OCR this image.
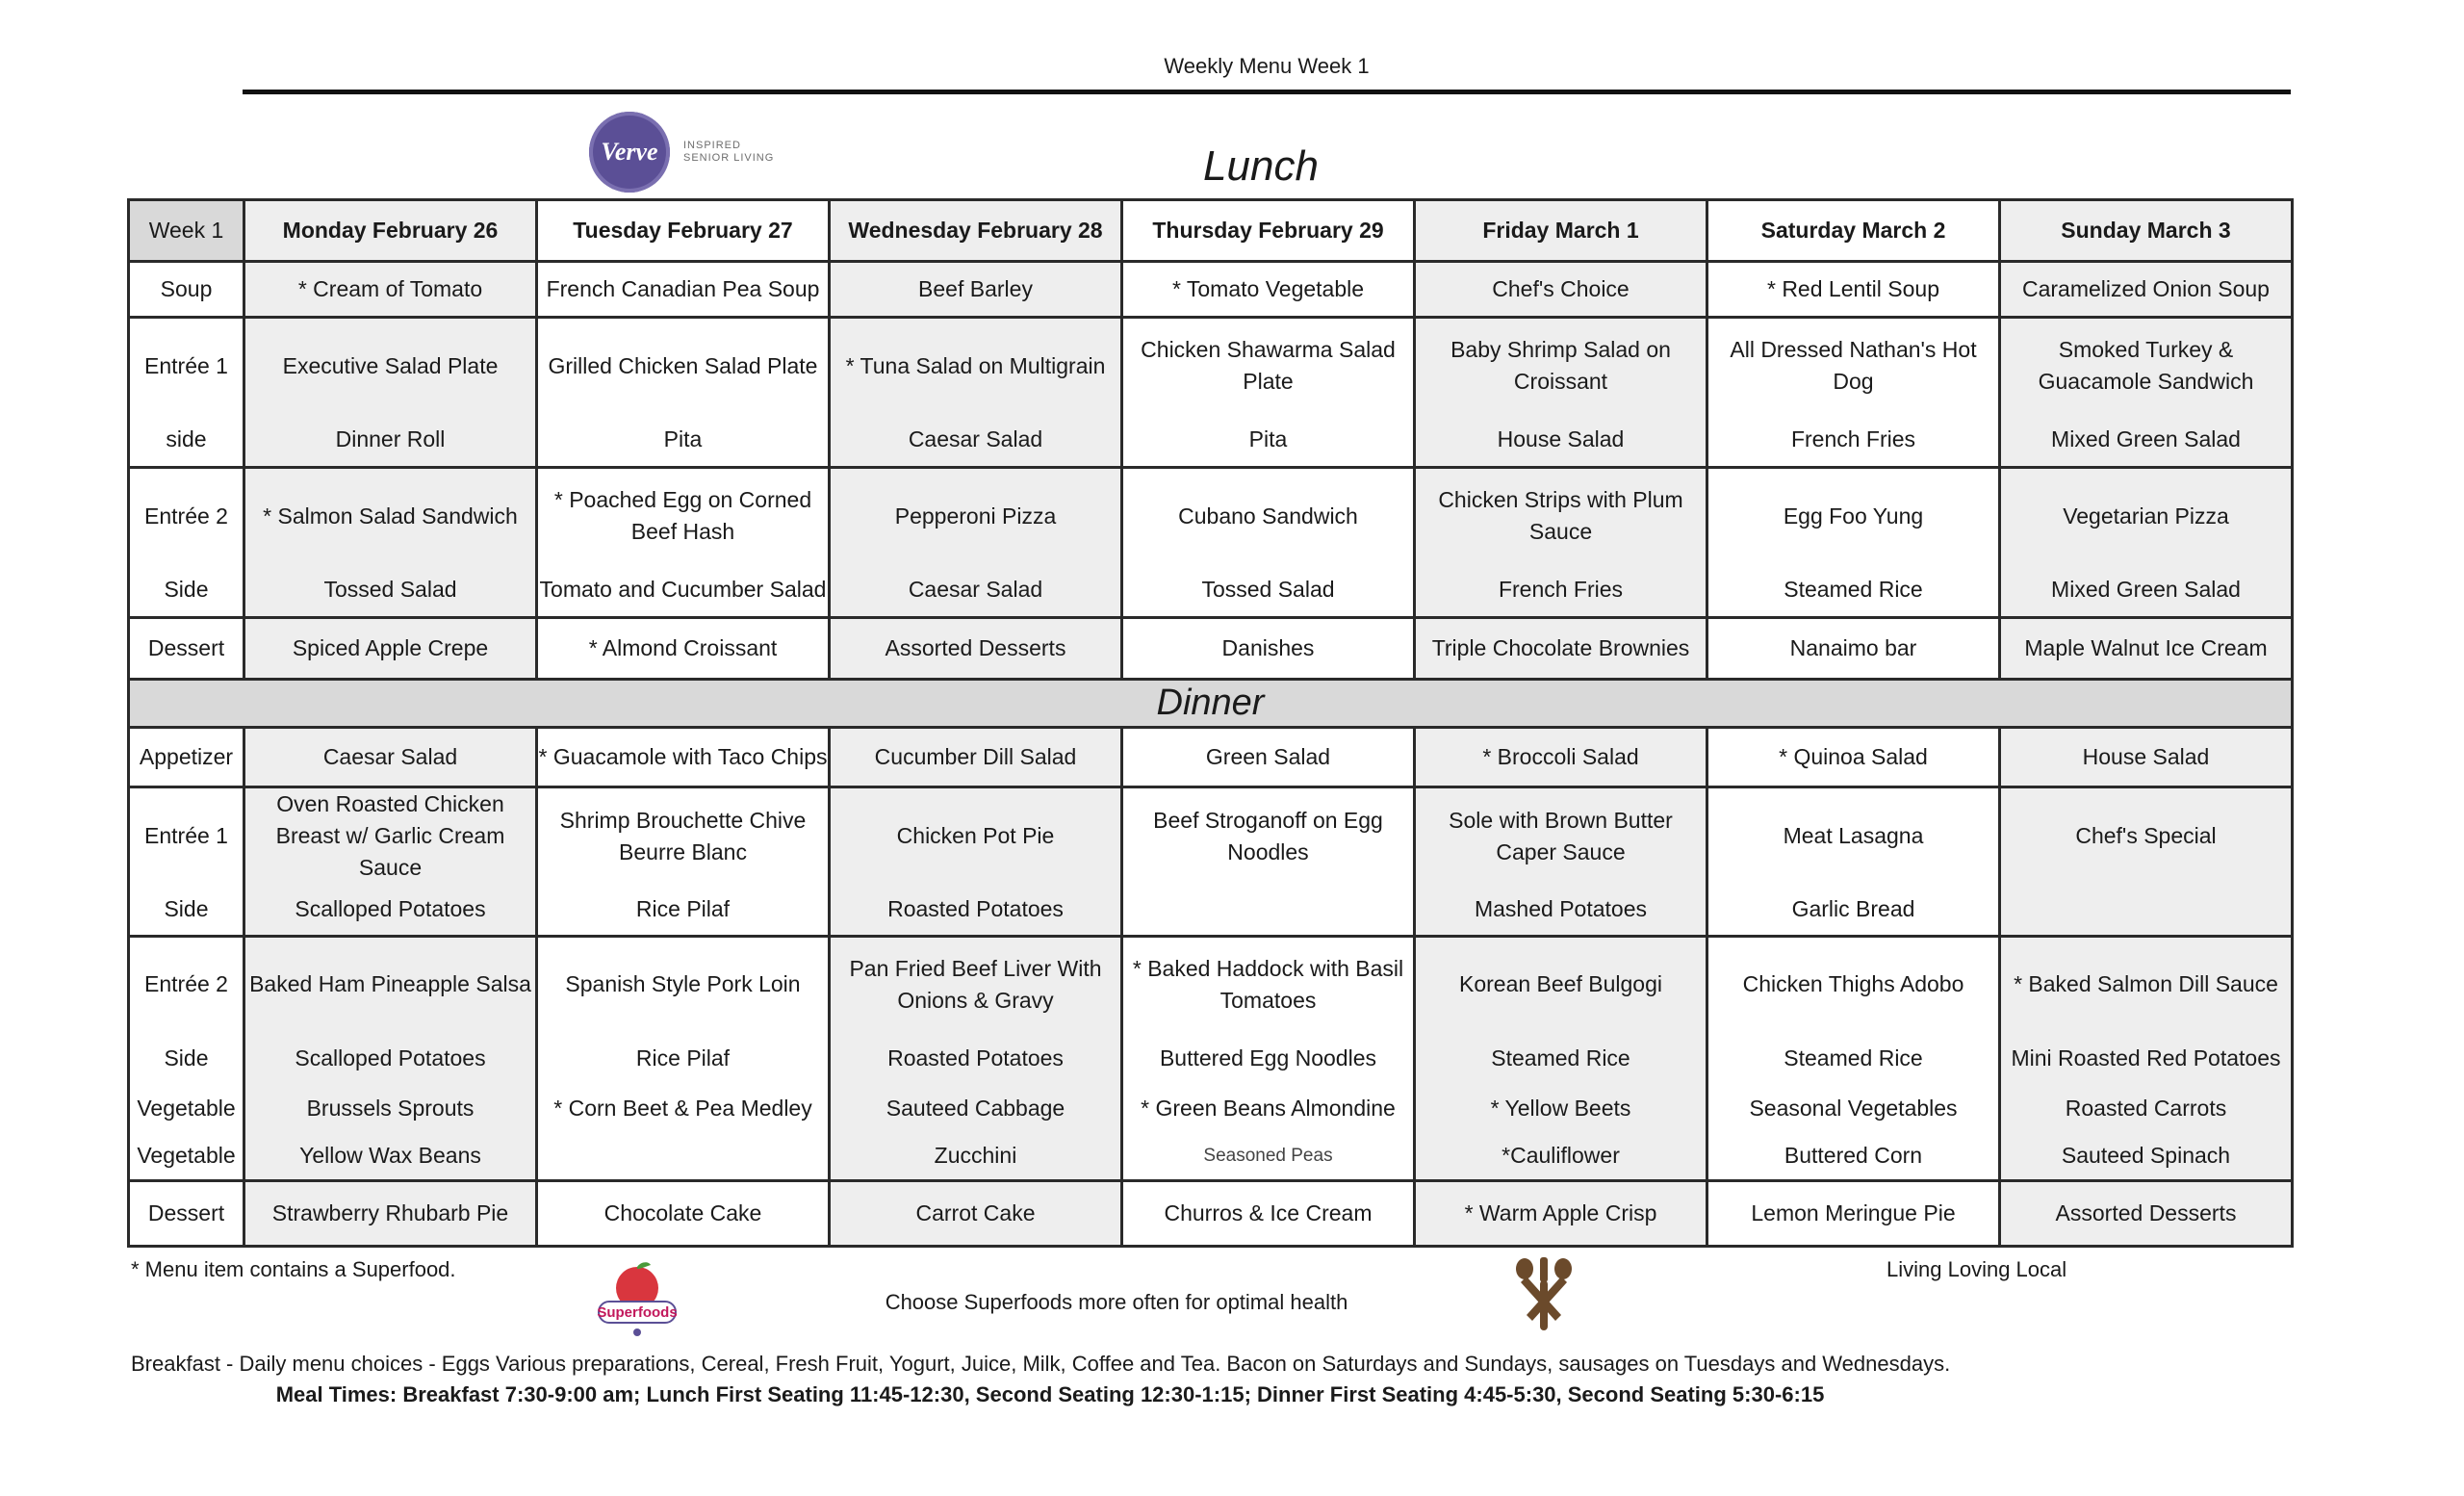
Weekly Menu Week 1
Verve	INSPIRED SENIOR LIVING	Lunch
Week 1	Monday February 26	Tuesday February 27	Wednesday February 28	Thursday February 29	Friday March 1	Saturday March 2	Sunday March 3
Soup	* Cream of Tomato	French Canadian Pea Soup	Beef Barley	* Tomato Vegetable	Chef's Choice	* Red Lentil Soup	Caramelized Onion Soup
Entrée 1	Executive Salad Plate	Grilled Chicken Salad Plate	* Tuna Salad on Multigrain	Chicken Shawarma Salad Plate	Baby Shrimp Salad on Croissant	All Dressed Nathan's Hot Dog	Smoked Turkey & Guacamole Sandwich
side	Dinner Roll	Pita	Caesar Salad	Pita	House Salad	French Fries	Mixed Green Salad
Entrée 2	* Salmon Salad Sandwich	* Poached Egg on Corned Beef Hash	Pepperoni Pizza	Cubano Sandwich	Chicken Strips with Plum Sauce	Egg Foo Yung	Vegetarian Pizza
Side	Tossed Salad	Tomato and Cucumber Salad	Caesar Salad	Tossed Salad	French Fries	Steamed Rice	Mixed Green Salad
Dessert	Spiced Apple Crepe	* Almond Croissant	Assorted Desserts	Danishes	Triple Chocolate Brownies	Nanaimo bar	Maple Walnut Ice Cream
Dinner							
Appetizer	Caesar Salad	* Guacamole with Taco Chips	Cucumber Dill Salad	Green Salad	* Broccoli Salad	* Quinoa Salad	House Salad
Entrée 1	Oven Roasted Chicken Breast w/ Garlic Cream Sauce	Shrimp Brouchette Chive Beurre Blanc	Chicken Pot Pie	Beef Stroganoff on Egg Noodles	Sole with Brown Butter Caper Sauce	Meat Lasagna	Chef's Special
Side	Scalloped Potatoes	Rice Pilaf	Roasted Potatoes		Mashed Potatoes	Garlic Bread	
Entrée 2	Baked Ham Pineapple Salsa	Spanish Style Pork Loin	Pan Fried Beef Liver With Onions & Gravy	* Baked Haddock with Basil Tomatoes	Korean Beef Bulgogi	Chicken Thighs Adobo	* Baked Salmon Dill Sauce
Side	Scalloped Potatoes	Rice Pilaf	Roasted Potatoes	Buttered Egg Noodles	Steamed Rice	Steamed Rice	Mini Roasted Red Potatoes
Vegetable	Brussels Sprouts	* Corn Beet & Pea Medley	Sauteed Cabbage	* Green Beans Almondine	* Yellow Beets	Seasonal Vegetables	Roasted Carrots
Vegetable	Yellow Wax Beans		Zucchini	Seasoned Peas	*Cauliflower	Buttered Corn	Sauteed Spinach
Dessert	Strawberry Rhubarb Pie	Chocolate Cake	Carrot Cake	Churros & Ice Cream	* Warm Apple Crisp	Lemon Meringue Pie	Assorted Desserts
* Menu item contains a Superfood.
Superfoods	Choose Superfoods more often for optimal health
Living Loving Local
Breakfast - Daily menu choices - Eggs Various preparations, Cereal, Fresh Fruit, Yogurt, Juice, Milk, Coffee and Tea. Bacon on Saturdays and Sundays, sausages on Tuesdays and Wednesdays.
Meal Times: Breakfast 7:30-9:00 am; Lunch First Seating 11:45-12:30, Second Seating 12:30-1:15; Dinner First Seating 4:45-5:30, Second Seating 5:30-6:15
